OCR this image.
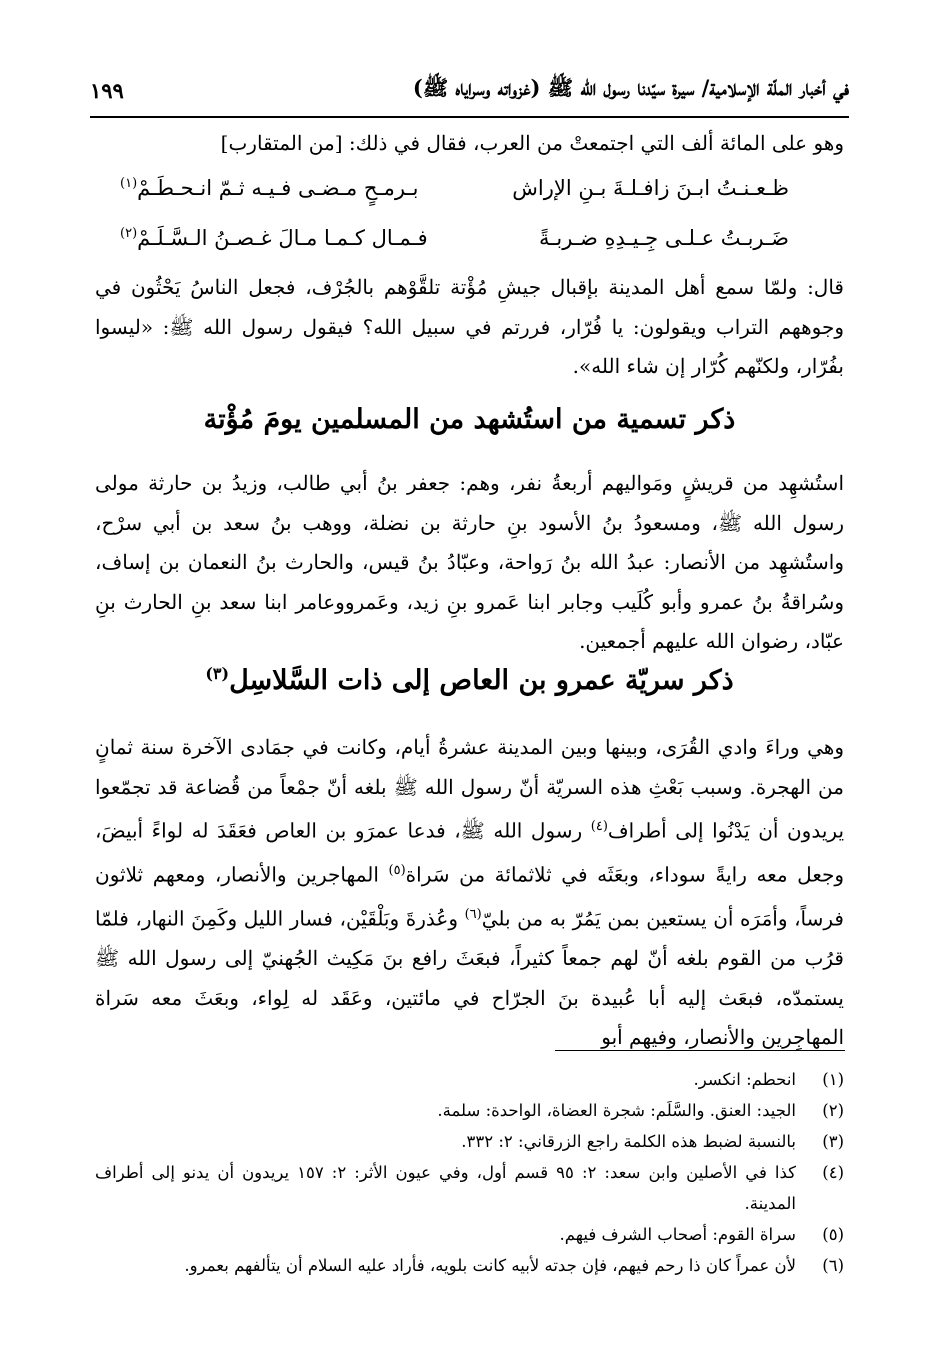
في أخبار الملّة الإسلامية/ سيرة سيّدنا رسول الله ﷺ (غزواته وسراياه ﷺ)
١٩٩

وهو على المائة ألف التي اجتمعتْ من العرب، فقال في ذلك: [من المتقارب]

ظـعـنـتُ ابـنَ زافـلـةَ بـنِ الإراش
بـرمـحٍ مـضـى فـيـه ثـمّ انـحـطَـمْ$^{(١)}$
ضَـربـتُ عـلـى جِـيـدِهِ ضـربـةً
فـمـال كـمـا مـالَ غـصـنُ الـسَّـلَـمْ$^{(٢)}$

قال: ولمّا سمع أهل المدينة بإقبال جيشِ مُؤْتة تلقَّوْهم بالجُرْف، فجعل الناسُ يَحْثُون في وجوههم التراب ويقولون: يا فُرّار، فررتم في سبيل الله؟ فيقول رسول الله ﷺ: «ليسوا بفُرّار، ولكنّهم كُرّار إن شاء الله».

ذكر تسمية من استُشهد من المسلمين يومَ مُؤْتة

استُشهِد من قريشٍ ومَواليهم أربعةُ نفر، وهم: جعفر بنُ أبي طالب، وزيدُ بن حارثة مولى رسول الله ﷺ، ومسعودُ بنُ الأسود بنِ حارثة بن نضلة، ووهب بنُ سعد بن أبي سرْح، واستُشهِد من الأنصار: عبدُ الله بنُ رَواحة، وعبّادُ بنُ قيس، والحارث بنُ النعمان بن إساف، وسُراقةُ بنُ عمرو وأبو كُلَيب وجابر ابنا عَمرو بنِ زيد، وعَمرووعامر ابنا سعد بنِ الحارث بنِ عبّاد، رضوان الله عليهم أجمعين.

ذكر سريّة عمرو بن العاص إلى ذات السَّلاسِل$^{(٣)}$

وهي وراءَ وادي القُرَى، وبينها وبين المدينة عشرةُ أيام، وكانت في جمَادى الآخرة سنة ثمانٍ من الهجرة. وسبب بَعْثِ هذه السريّة أنّ رسول الله ﷺ بلغه أنّ جمْعاً من قُضاعة قد تجمّعوا يريدون أن يَدْنُوا إلى أطراف$^{(٤)}$ رسول الله ﷺ، فدعا عمرَو بن العاص فعَقَدَ له لواءً أبيضَ، وجعل معه رايةً سوداء، وبعَثَه في ثلاثمائة من سَراة$^{(٥)}$ المهاجرين والأنصار، ومعهم ثلاثون فرساً، وأمَرَه أن يستعين بمن يَمُرّ به من بليّ$^{(٦)}$ وعُذرةَ وبَلْقَيْن، فسار الليل وكَمِنَ النهار، فلمّا قرُب من القوم بلغه أنّ لهم جمعاً كثيراً، فبعَثَ رافع بنَ مَكِيث الجُهنيّ إلى رسول الله ﷺ يستمدّه، فبعَث إليه أبا عُبيدة بنَ الجرّاح في مائتين، وعَقَد له لِواء، وبعَثَ معه سَراة المهاجِرين والأنصار، وفيهم أبو

(١)
انحطم: انكسر.
(٢)
الجيد: العنق. والسَّلَم: شجرة العضاة، الواحدة: سلمة.
(٣)
بالنسبة لضبط هذه الكلمة راجع الزرقاني: ٢: ٣٣٢.
(٤)
كذا في الأصلين وابن سعد: ٢: ٩٥ قسم أول، وفي عيون الأثر: ٢: ١٥٧ يريدون أن يدنو إلى أطراف المدينة.
(٥)
سراة القوم: أصحاب الشرف فيهم.
(٦)
لأن عمراً كان ذا رحم فيهم، فإن جدته لأبيه كانت بلويه، فأراد عليه السلام أن يتألفهم بعمرو.
